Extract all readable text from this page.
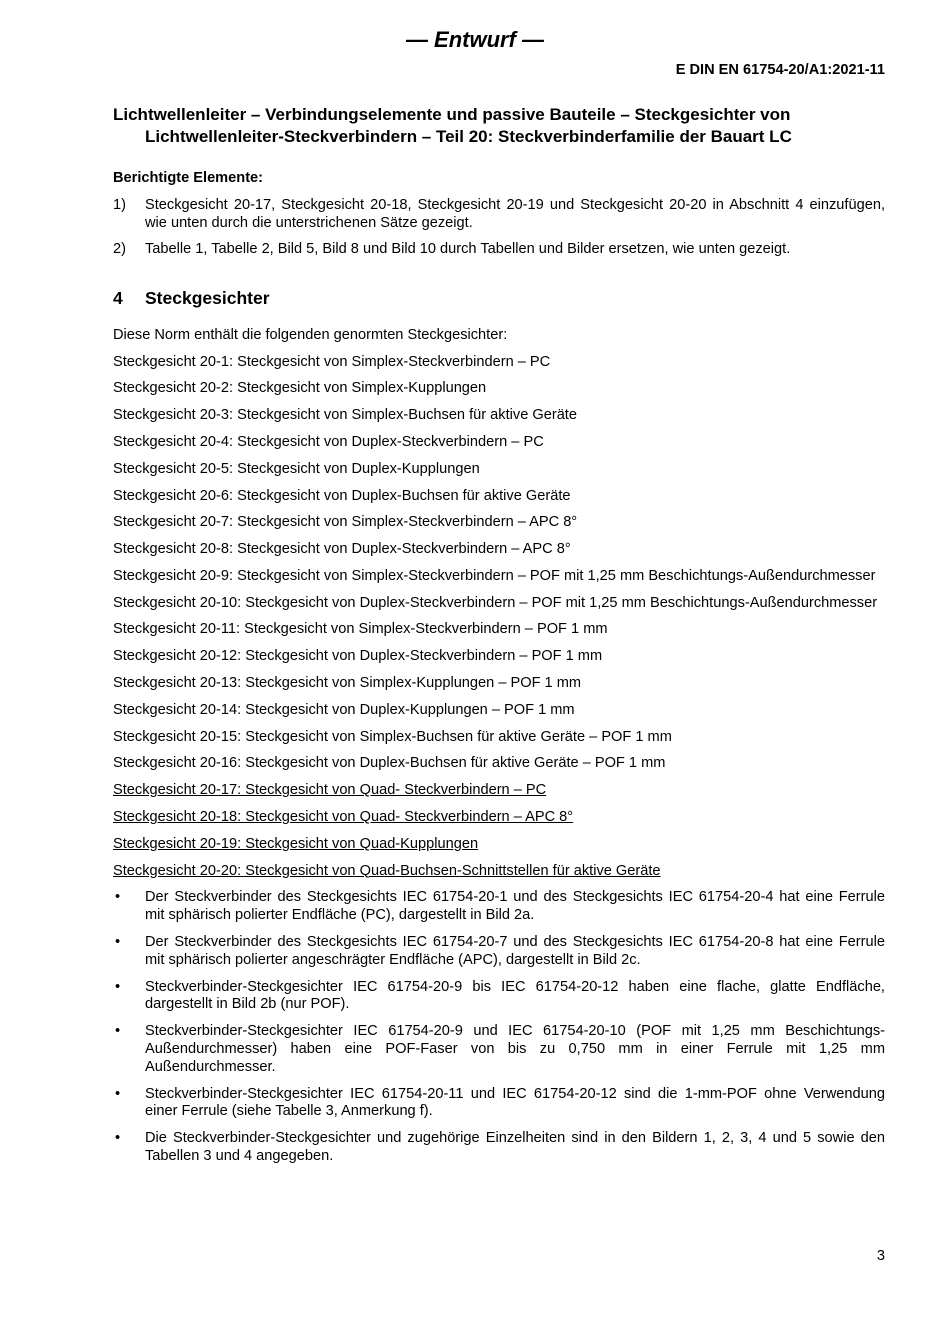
— Entwurf —
E DIN EN 61754-20/A1:2021-11
Lichtwellenleiter – Verbindungselemente und passive Bauteile – Steckgesichter von Lichtwellenleiter-Steckverbindern – Teil 20: Steckverbinderfamilie der Bauart LC
Berichtigte Elemente:
1)	Steckgesicht 20-17, Steckgesicht 20-18, Steckgesicht 20-19 und Steckgesicht 20-20 in Abschnitt 4 einzufügen, wie unten durch die unterstrichenen Sätze gezeigt.
2)	Tabelle 1, Tabelle 2, Bild 5, Bild 8 und Bild 10 durch Tabellen und Bilder ersetzen, wie unten gezeigt.
4	Steckgesichter
Diese Norm enthält die folgenden genormten Steckgesichter:
Steckgesicht 20-1: Steckgesicht von Simplex-Steckverbindern – PC
Steckgesicht 20-2: Steckgesicht von Simplex-Kupplungen
Steckgesicht 20-3: Steckgesicht von Simplex-Buchsen für aktive Geräte
Steckgesicht 20-4: Steckgesicht von Duplex-Steckverbindern – PC
Steckgesicht 20-5: Steckgesicht von Duplex-Kupplungen
Steckgesicht 20-6: Steckgesicht von Duplex-Buchsen für aktive Geräte
Steckgesicht 20-7: Steckgesicht von Simplex-Steckverbindern – APC 8°
Steckgesicht 20-8: Steckgesicht von Duplex-Steckverbindern – APC 8°
Steckgesicht 20-9: Steckgesicht von Simplex-Steckverbindern – POF mit 1,25 mm Beschichtungs-Außendurchmesser
Steckgesicht 20-10: Steckgesicht von Duplex-Steckverbindern – POF mit 1,25 mm Beschichtungs-Außendurchmesser
Steckgesicht 20-11: Steckgesicht von Simplex-Steckverbindern – POF 1 mm
Steckgesicht 20-12: Steckgesicht von Duplex-Steckverbindern – POF 1 mm
Steckgesicht 20-13: Steckgesicht von Simplex-Kupplungen – POF 1 mm
Steckgesicht 20-14: Steckgesicht von Duplex-Kupplungen – POF 1 mm
Steckgesicht 20-15: Steckgesicht von Simplex-Buchsen für aktive Geräte – POF 1 mm
Steckgesicht 20-16: Steckgesicht von Duplex-Buchsen für aktive Geräte – POF 1 mm
Steckgesicht 20-17: Steckgesicht von Quad- Steckverbindern – PC
Steckgesicht 20-18: Steckgesicht von Quad- Steckverbindern – APC 8°
Steckgesicht 20-19: Steckgesicht von Quad-Kupplungen
Steckgesicht 20-20: Steckgesicht von Quad-Buchsen-Schnittstellen für aktive Geräte
•	Der Steckverbinder des Steckgesichts IEC 61754-20-1 und des Steckgesichts IEC 61754-20-4 hat eine Ferrule mit sphärisch polierter Endfläche (PC), dargestellt in Bild 2a.
•	Der Steckverbinder des Steckgesichts IEC 61754-20-7 und des Steckgesichts IEC 61754-20-8 hat eine Ferrule mit sphärisch polierter angeschrägter Endfläche (APC), dargestellt in Bild 2c.
•	Steckverbinder-Steckgesichter IEC 61754-20-9 bis IEC 61754-20-12 haben eine flache, glatte Endfläche, dargestellt in Bild 2b (nur POF).
•	Steckverbinder-Steckgesichter IEC 61754-20-9 und IEC 61754-20-10 (POF mit 1,25 mm Beschichtungs-Außendurchmesser) haben eine POF-Faser von bis zu 0,750 mm in einer Ferrule mit 1,25 mm Außendurchmesser.
•	Steckverbinder-Steckgesichter IEC 61754-20-11 und IEC 61754-20-12 sind die 1-mm-POF ohne Verwendung einer Ferrule (siehe Tabelle 3, Anmerkung f).
•	Die Steckverbinder-Steckgesichter und zugehörige Einzelheiten sind in den Bildern 1, 2, 3, 4 und 5 sowie den Tabellen 3 und 4 angegeben.
3
